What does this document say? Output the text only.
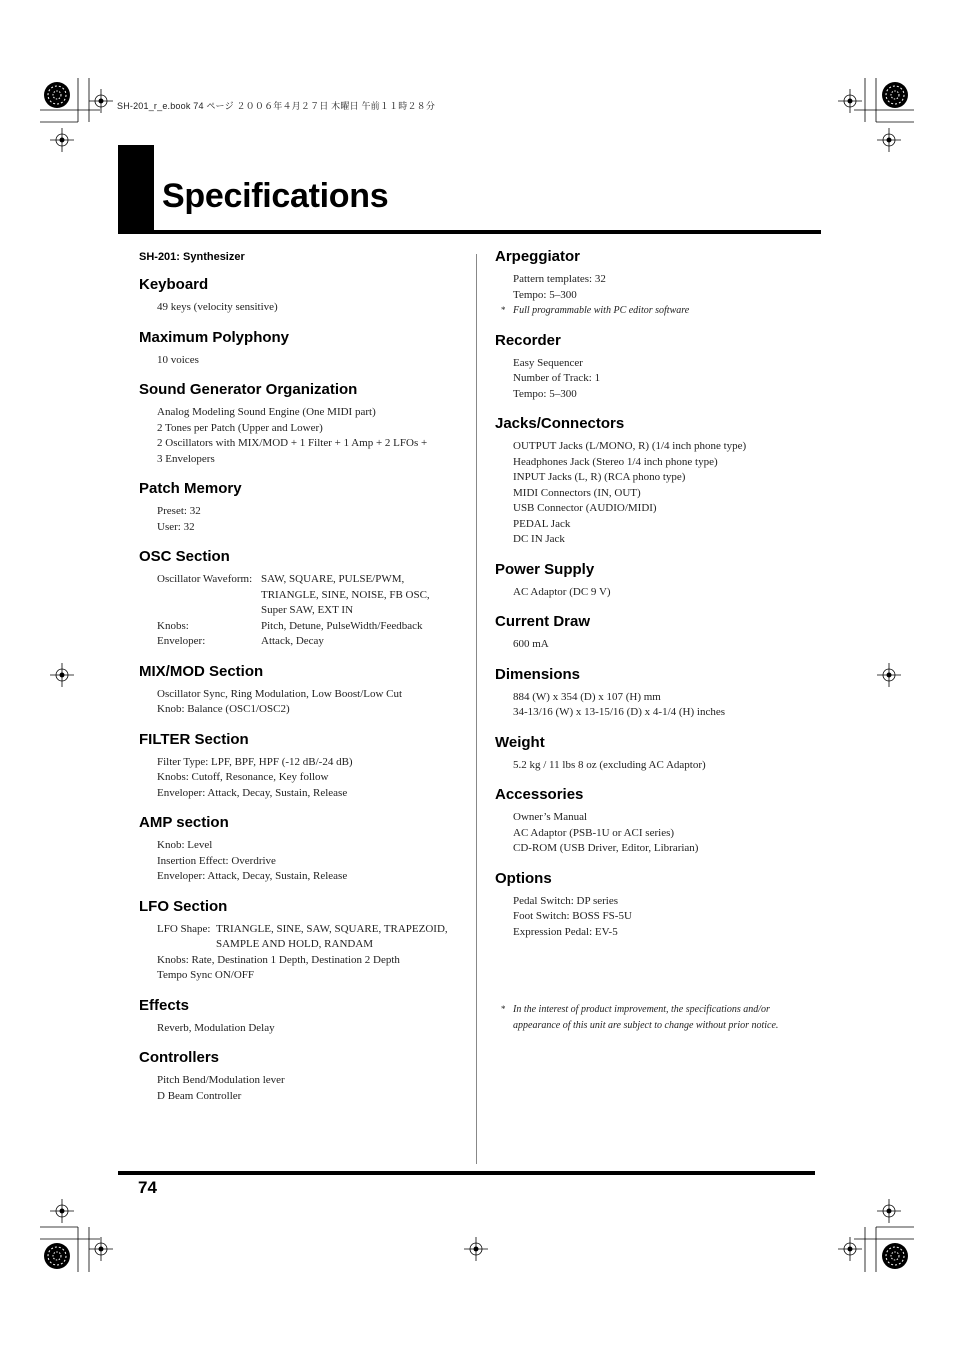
SH-201_r_e.book 74 ページ ２００６年４月２７日 木曜日 午前１１時２８分
Specifications
SH-201: Synthesizer
Keyboard
49 keys (velocity sensitive)
Maximum Polyphony
10 voices
Sound Generator Organization
Analog Modeling Sound Engine (One MIDI part)
2 Tones per Patch (Upper and Lower)
2 Oscillators with MIX/MOD + 1 Filter + 1 Amp + 2 LFOs +
3 Envelopers
Patch Memory
Preset: 32
User: 32
OSC Section
Oscillator Waveform: SAW, SQUARE, PULSE/PWM,
TRIANGLE, SINE, NOISE, FB OSC,
Super SAW, EXT IN
Knobs:	Pitch, Detune, PulseWidth/Feedback
Enveloper:	Attack, Decay
MIX/MOD Section
Oscillator Sync, Ring Modulation, Low Boost/Low Cut
Knob: Balance (OSC1/OSC2)
FILTER Section
Filter Type: LPF, BPF, HPF (-12 dB/-24 dB)
Knobs: Cutoff, Resonance, Key follow
Enveloper: Attack, Decay, Sustain, Release
AMP section
Knob: Level
Insertion Effect: Overdrive
Enveloper: Attack, Decay, Sustain, Release
LFO Section
LFO Shape: TRIANGLE, SINE, SAW, SQUARE, TRAPEZOID,
SAMPLE AND HOLD, RANDAM
Knobs: Rate, Destination 1 Depth, Destination 2 Depth
Tempo Sync ON/OFF
Effects
Reverb, Modulation Delay
Controllers
Pitch Bend/Modulation lever
D Beam Controller
Arpeggiator
Pattern templates: 32
Tempo: 5–300
* Full programmable with PC editor software
Recorder
Easy Sequencer
Number of Track: 1
Tempo: 5–300
Jacks/Connectors
OUTPUT Jacks (L/MONO, R) (1/4 inch phone type)
Headphones Jack (Stereo 1/4 inch phone type)
INPUT Jacks (L, R) (RCA phono type)
MIDI Connectors (IN, OUT)
USB Connector (AUDIO/MIDI)
PEDAL Jack
DC IN Jack
Power Supply
AC Adaptor (DC 9 V)
Current Draw
600 mA
Dimensions
884 (W) x 354 (D) x 107 (H) mm
34-13/16 (W) x 13-15/16 (D) x 4-1/4 (H) inches
Weight
5.2 kg / 11 lbs 8 oz (excluding AC Adaptor)
Accessories
Owner’s Manual
AC Adaptor (PSB-1U or ACI series)
CD-ROM (USB Driver, Editor, Librarian)
Options
Pedal Switch: DP series
Foot Switch: BOSS FS-5U
Expression Pedal: EV-5
* In the interest of product improvement, the specifications and/or
appearance of this unit are subject to change without prior notice.
74
